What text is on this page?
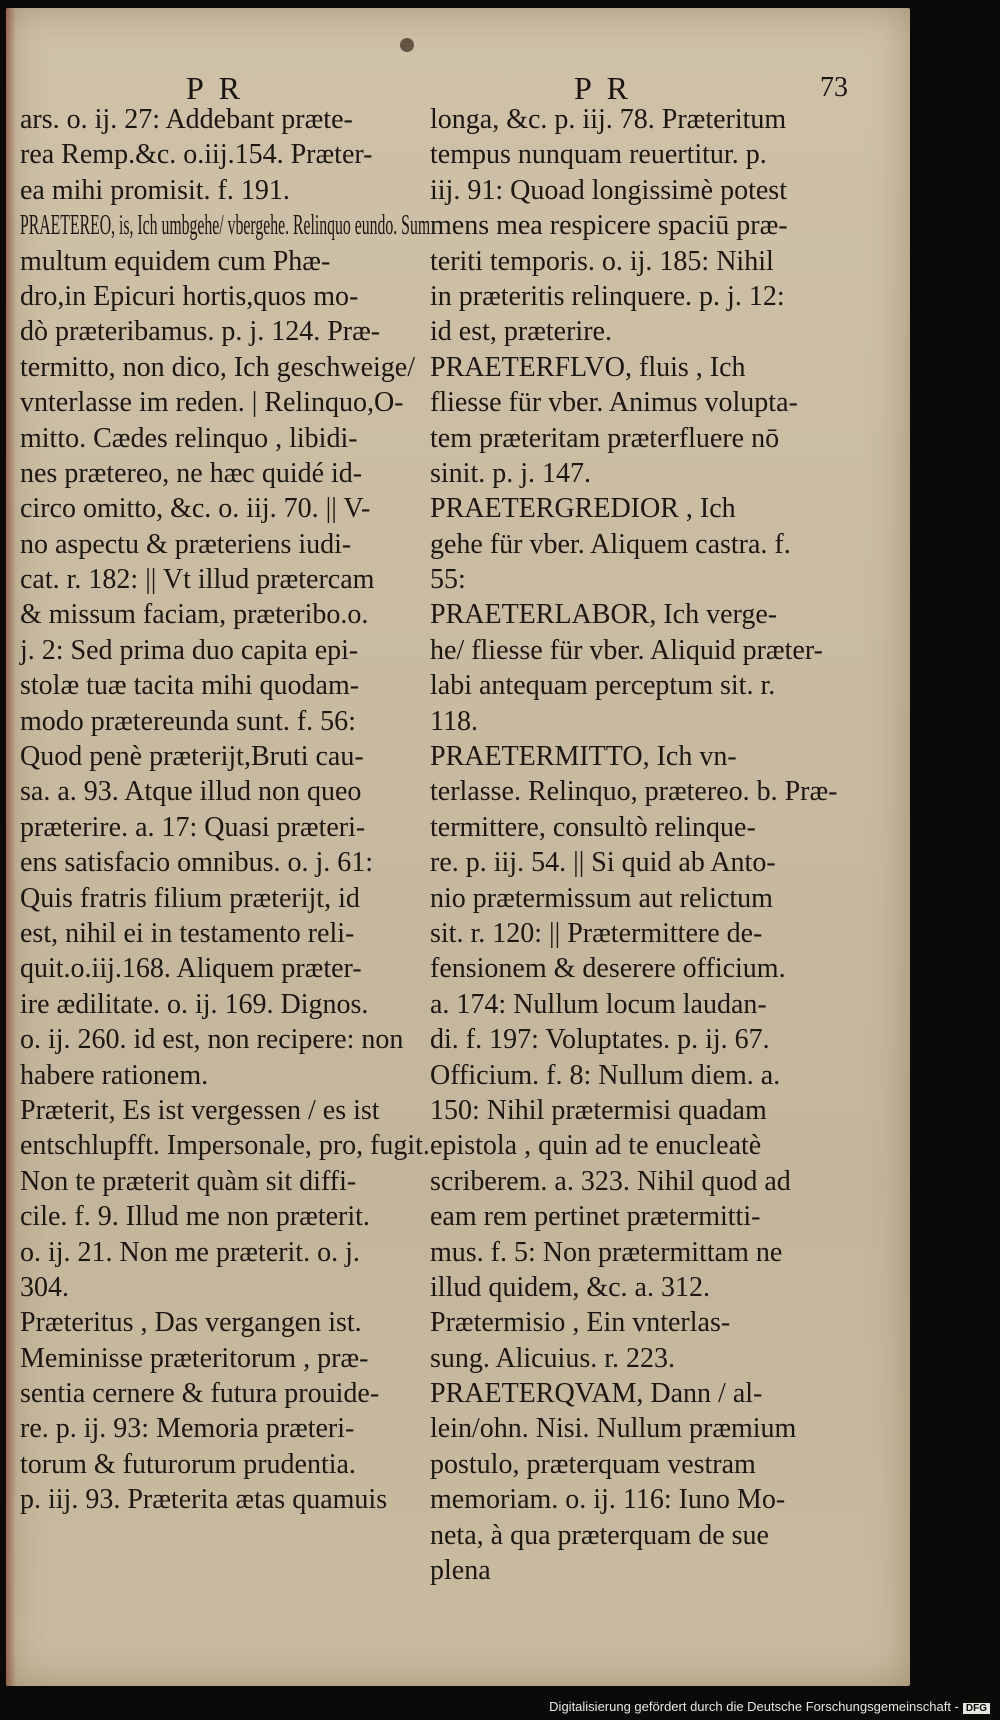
P R	P R	73
ars. o. ij. 27: Addebant præte-
rea Remp.&c. o.iij.154. Præter-
ea mihi promisit. f. 191.
PRAETEREO, is, Ich umbgehe/ vbergehe. Relinquo eundo. Sum
multum equidem cum Phæ-
dro,in Epicuri hortis,quos mo-
dò præteribamus. p. j. 124. Præ-
termitto, non dico, Ich geschweige/
vnterlasse im reden. | Relinquo,O-
mitto. Cædes relinquo , libidi-
nes prætereo, ne hæc quidé id-
circo omitto, &c. o. iij. 70. || V-
no aspectu & præteriens iudi-
cat. r. 182: || Vt illud prætercam
& missum faciam, præteribo.o.
j. 2: Sed prima duo capita epi-
stolæ tuæ tacita mihi quodam-
modo prætereunda sunt. f. 56:
Quod penè præterijt,Bruti cau-
sa. a. 93. Atque illud non queo
præterire. a. 17: Quasi præteri-
ens satisfacio omnibus. o. j. 61:
Quis fratris filium præterijt, id
est, nihil ei in testamento reli-
quit.o.iij.168. Aliquem præter-
ire ædilitate. o. ij. 169. Dignos.
o. ij. 260. id est, non recipere: non
habere rationem.
Præterit, Es ist vergessen / es ist
entschlupfft. Impersonale, pro, fugit.
Non te præterit quàm sit diffi-
cile. f. 9. Illud me non præterit.
o. ij. 21. Non me præterit. o. j.
304.
Præteritus , Das vergangen ist.
Meminisse præteritorum , præ-
sentia cernere & futura prouide-
re. p. ij. 93: Memoria præteri-
torum & futurorum prudentia.
p. iij. 93. Præterita ætas quamuis
longa, &c. p. iij. 78. Præteritum
tempus nunquam reuertitur. p.
iij. 91: Quoad longissimè potest
mens mea respicere spaciū præ-
teriti temporis. o. ij. 185: Nihil
in præteritis relinquere. p. j. 12:
id est, præterire.
PRAETERFLVO, fluis , Ich
fliesse für vber. Animus volupta-
tem præteritam præterfluere nō
sinit. p. j. 147.
PRAETERGREDIOR , Ich
gehe für vber. Aliquem castra. f.
55:
PRAETERLABOR, Ich verge-
he/ fliesse für vber. Aliquid præter-
labi antequam perceptum sit. r.
118.
PRAETERMITTO, Ich vn-
terlasse. Relinquo, prætereo. b. Præ-
termittere, consultò relinque-
re. p. iij. 54. || Si quid ab Anto-
nio prætermissum aut relictum
sit. r. 120: || Prætermittere de-
fensionem & deserere officium.
a. 174: Nullum locum laudan-
di. f. 197: Voluptates. p. ij. 67.
Officium. f. 8: Nullum diem. a.
150: Nihil prætermisi quadam
epistola , quin ad te enucleatè
scriberem. a. 323. Nihil quod ad
eam rem pertinet prætermitti-
mus. f. 5: Non prætermittam ne
illud quidem, &c. a. 312.
Prætermisio , Ein vnterlas-
sung. Alicuius. r. 223.
PRAETERQVAM, Dann / al-
lein/ohn. Nisi. Nullum præmium
postulo, præterquam vestram
memoriam. o. ij. 116: Iuno Mo-
neta, à qua præterquam de sue
plena
Digitalisierung gefördert durch die Deutsche Forschungsgemeinschaft - DFG
